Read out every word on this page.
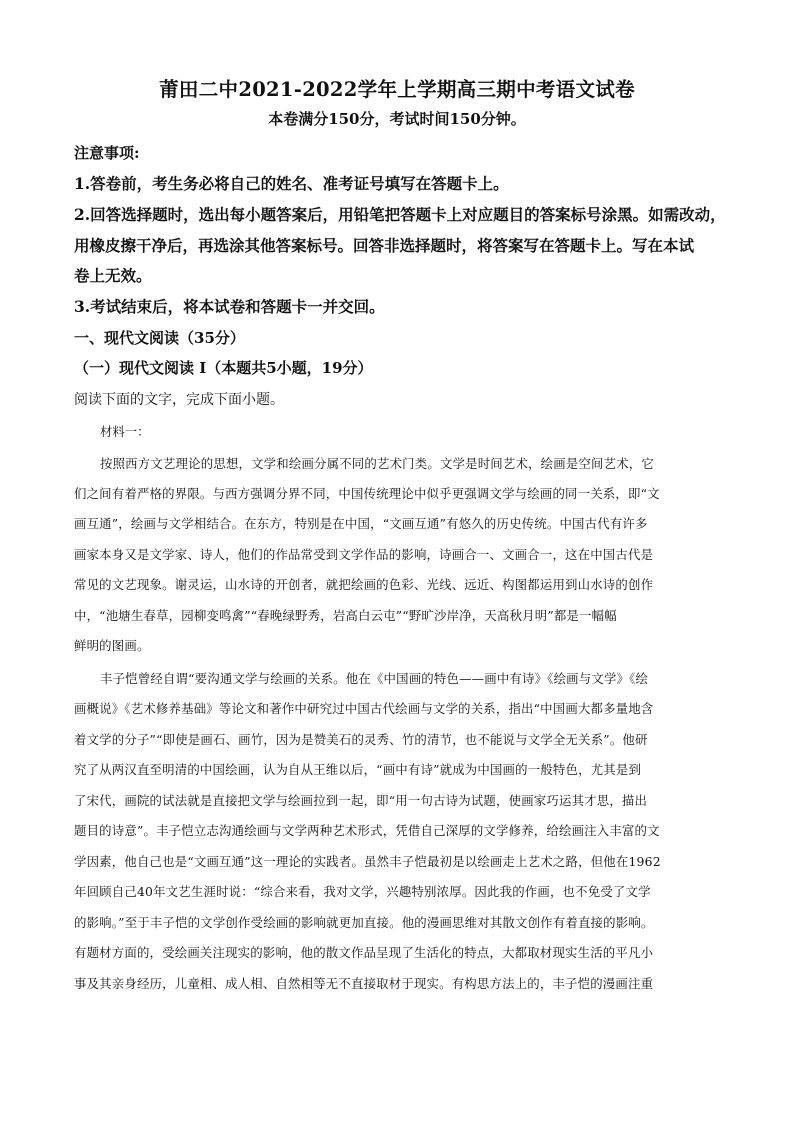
莆田二中2021-2022学年上学期高三期中考语文试卷
本卷满分150分，考试时间150分钟。
注意事项:
1.答卷前，考生务必将自己的姓名、准考证号填写在答题卡上。
2.回答选择题时，选出每小题答案后，用铅笔把答题卡上对应题目的答案标号涂黑。如需改动，
用橡皮擦干净后，再选涂其他答案标号。回答非选择题时，将答案写在答题卡上。写在本试
卷上无效。
3.考试结束后，将本试卷和答题卡一并交回。
一、现代文阅读（35分）
（一）现代文阅读 I（本题共5小题，19分）
阅读下面的文字，完成下面小题。
材料一：
按照西方文艺理论的思想，文学和绘画分属不同的艺术门类。文学是时间艺术，绘画是空间艺术，它
们之间有着严格的界限。与西方强调分界不同，中国传统理论中似乎更强调文学与绘画的同一关系，即“文
画互通”，绘画与文学相结合。在东方，特别是在中国，“文画互通”有悠久的历史传统。中国古代有许多
画家本身又是文学家、诗人，他们的作品常受到文学作品的影响，诗画合一、文画合一，这在中国古代是
常见的文艺现象。谢灵运，山水诗的开创者，就把绘画的色彩、光线、远近、构图都运用到山水诗的创作
中，“池塘生春草，园柳变鸣禽”“春晚绿野秀，岩高白云屯”“野旷沙岸净，天高秋月明”都是一幅幅
鲜明的图画。
丰子恺曾经自谓“要沟通文学与绘画的关系。他在《中国画的特色——画中有诗》《绘画与文学》《绘
画概说》《艺术修养基础》等论文和著作中研究过中国古代绘画与文学的关系，指出“中国画大都多量地含
着文学的分子”“即使是画石、画竹，因为是赞美石的灵秀、竹的清节，也不能说与文学全无关系”。他研
究了从两汉直至明清的中国绘画，认为自从王维以后，“画中有诗”就成为中国画的一般特色，尤其是到
了宋代，画院的试法就是直接把文学与绘画拉到一起，即“用一句古诗为试题，使画家巧运其才思，描出
题目的诗意”。丰子恺立志沟通绘画与文学两种艺术形式，凭借自己深厚的文学修养，给绘画注入丰富的文
学因素，他自己也是“文画互通”这一理论的实践者。虽然丰子恺最初是以绘画走上艺术之路，但他在1962
年回顾自己40年文艺生涯时说：“综合来看，我对文学，兴趣特别浓厚。因此我的作画，也不免受了文学
的影响。”至于丰子恺的文学创作受绘画的影响就更加直接。他的漫画思维对其散文创作有着直接的影响。
有题材方面的，受绘画关注现实的影响，他的散文作品呈现了生活化的特点，大都取材现实生活的平凡小
事及其亲身经历，儿童相、成人相、自然相等无不直接取材于现实。有构思方法上的，丰子恺的漫画注重
